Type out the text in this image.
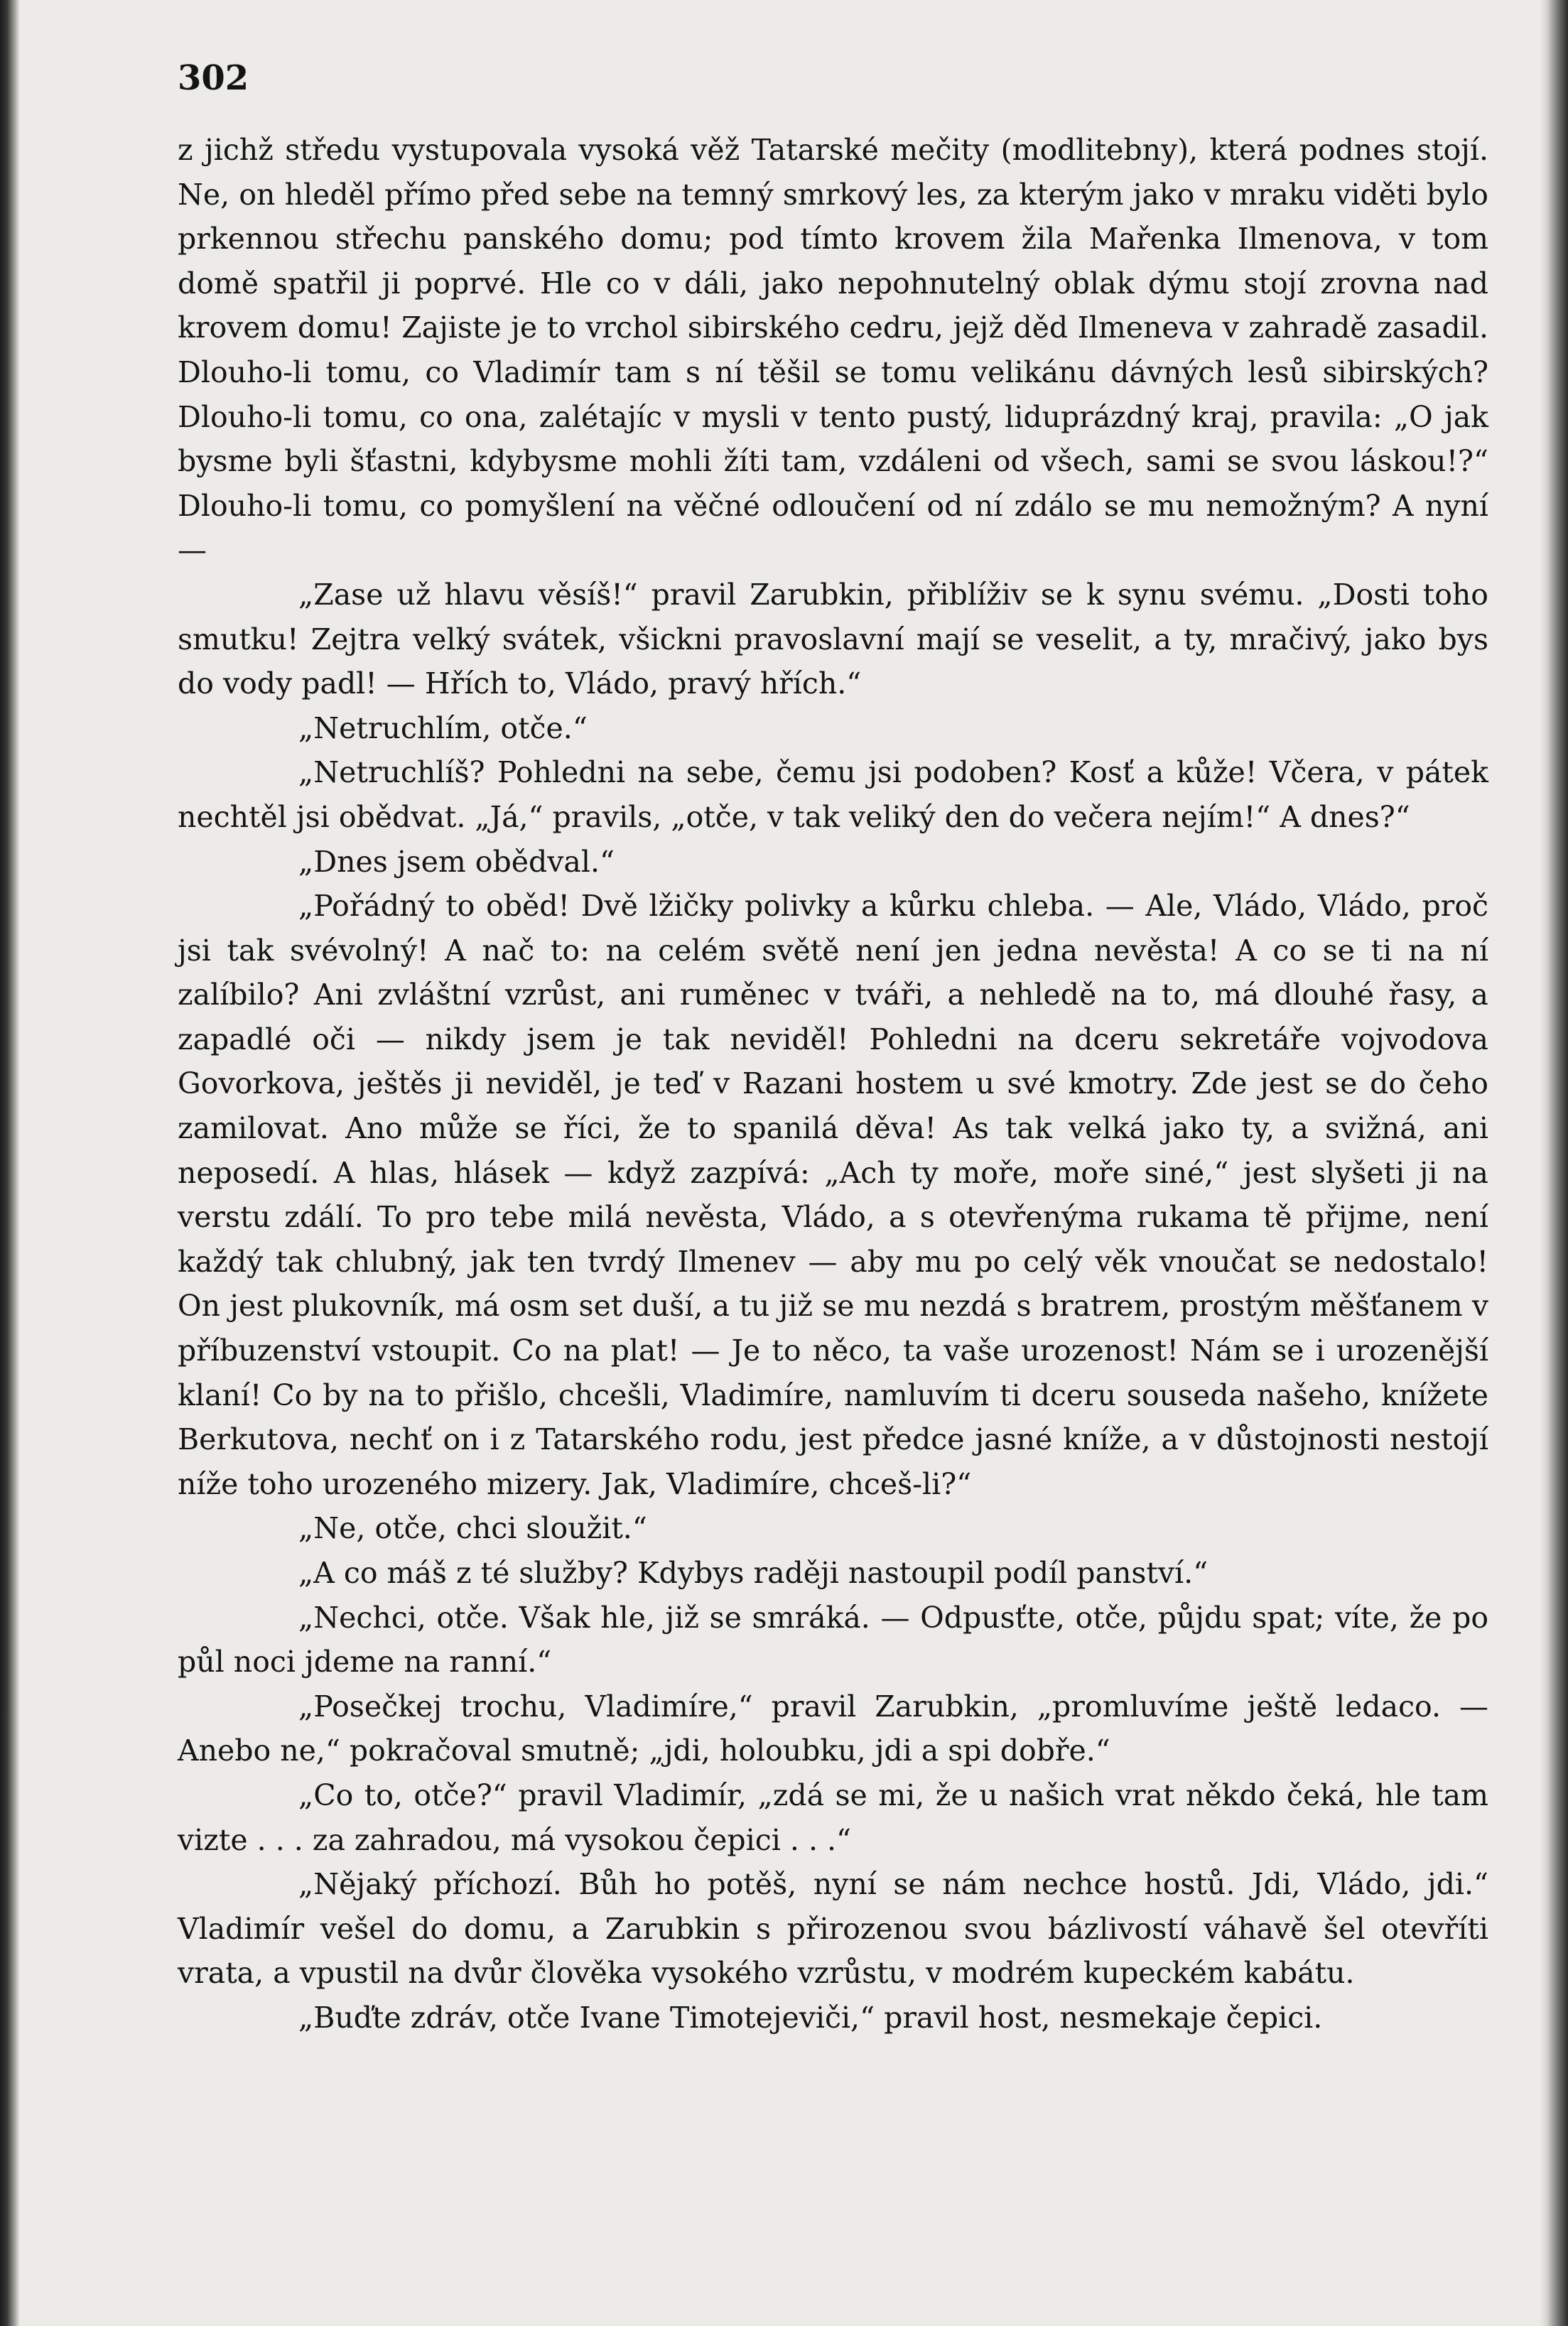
302

z jichž středu vystupovala vysoká věž Tatarské mečity (modlitebny), která podnes stojí. Ne, on hleděl přímo před sebe na temný smrkový les, za kterým jako v mraku viděti bylo prkennou střechu panského domu; pod tímto krovem žila Mařenka Ilmenova, v tom domě spatřil ji poprvé. Hle co v dáli, jako nepohnutelný oblak dýmu stojí zrovna nad krovem domu! Zajiste je to vrchol sibirského cedru, jejž děd Ilmeneva v zahradě zasadil. Dlouho-li tomu, co Vladimír tam s ní těšil se tomu velikánu dávných lesů sibirských? Dlouho-li tomu, co ona, zalétajíc v mysli v tento pustý, liduprázdný kraj, pravila: „O jak bysme byli šťastni, kdybysme mohli žíti tam, vzdáleni od všech, sami se svou láskou!?“ Dlouho-li tomu, co pomyšlení na věčné odloučení od ní zdálo se mu nemožným? A nyní —

„Zase už hlavu věsíš!“ pravil Zarubkin, přiblíživ se k synu svému. „Dosti toho smutku! Zejtra velký svátek, všickni pravoslavní mají se veselit, a ty, mračivý, jako bys do vody padl! — Hřích to, Vládo, pravý hřích.“

„Netruchlím, otče.“

„Netruchlíš? Pohledni na sebe, čemu jsi podoben? Kosť a kůže! Včera, v pátek nechtěl jsi obědvat. „Já,“ pravils, „otče, v tak veliký den do večera nejím!“ A dnes?“

„Dnes jsem obědval.“

„Pořádný to oběd! Dvě lžičky polivky a kůrku chleba. — Ale, Vládo, Vládo, proč jsi tak svévolný! A nač to: na celém světě není jen jedna nevěsta! A co se ti na ní zalíbilo? Ani zvláštní vzrůst, ani ruměnec v tváři, a nehledě na to, má dlouhé řasy, a zapadlé oči — nikdy jsem je tak neviděl! Pohledni na dceru sekretáře vojvodova Govorkova, ještěs ji neviděl, je teď v Razani hostem u své kmotry. Zde jest se do čeho zamilovat. Ano může se říci, že to spanilá děva! As tak velká jako ty, a svižná, ani neposedí. A hlas, hlásek — když zazpívá: „Ach ty moře, moře siné,“ jest slyšeti ji na verstu zdálí. To pro tebe milá nevěsta, Vládo, a s otevřenýma rukama tě přijme, není každý tak chlubný, jak ten tvrdý Ilmenev — aby mu po celý věk vnoučat se nedostalo! On jest plukovník, má osm set duší, a tu již se mu nezdá s bratrem, prostým měšťanem v příbuzenství vstoupit. Co na plat! — Je to něco, ta vaše urozenost! Nám se i urozenější klaní! Co by na to přišlo, chcešli, Vladimíre, namluvím ti dceru souseda našeho, knížete Berkutova, nechť on i z Tatarského rodu, jest předce jasné kníže, a v důstojnosti nestojí níže toho urozeného mizery. Jak, Vladimíre, chceš-li?“

„Ne, otče, chci sloužit.“

„A co máš z té služby? Kdybys raději nastoupil podíl panství.“

„Nechci, otče. Však hle, již se smráká. — Odpusťte, otče, půjdu spat; víte, že po půl noci jdeme na ranní.“

„Posečkej trochu, Vladimíre,“ pravil Zarubkin, „promluvíme ještě ledaco. — Anebo ne,“ pokračoval smutně; „jdi, holoubku, jdi a spi dobře.“

„Co to, otče?“ pravil Vladimír, „zdá se mi, že u našich vrat někdo čeká, hle tam vizte . . . za zahradou, má vysokou čepici . . .“

„Nějaký příchozí. Bůh ho potěš, nyní se nám nechce hostů. Jdi, Vládo, jdi.“ Vladimír vešel do domu, a Zarubkin s přirozenou svou bázlivostí váhavě šel otevříti vrata, a vpustil na dvůr člověka vysokého vzrůstu, v modrém kupeckém kabátu.

„Buďte zdráv, otče Ivane Timotejeviči,“ pravil host, nesmekaje čepici.
